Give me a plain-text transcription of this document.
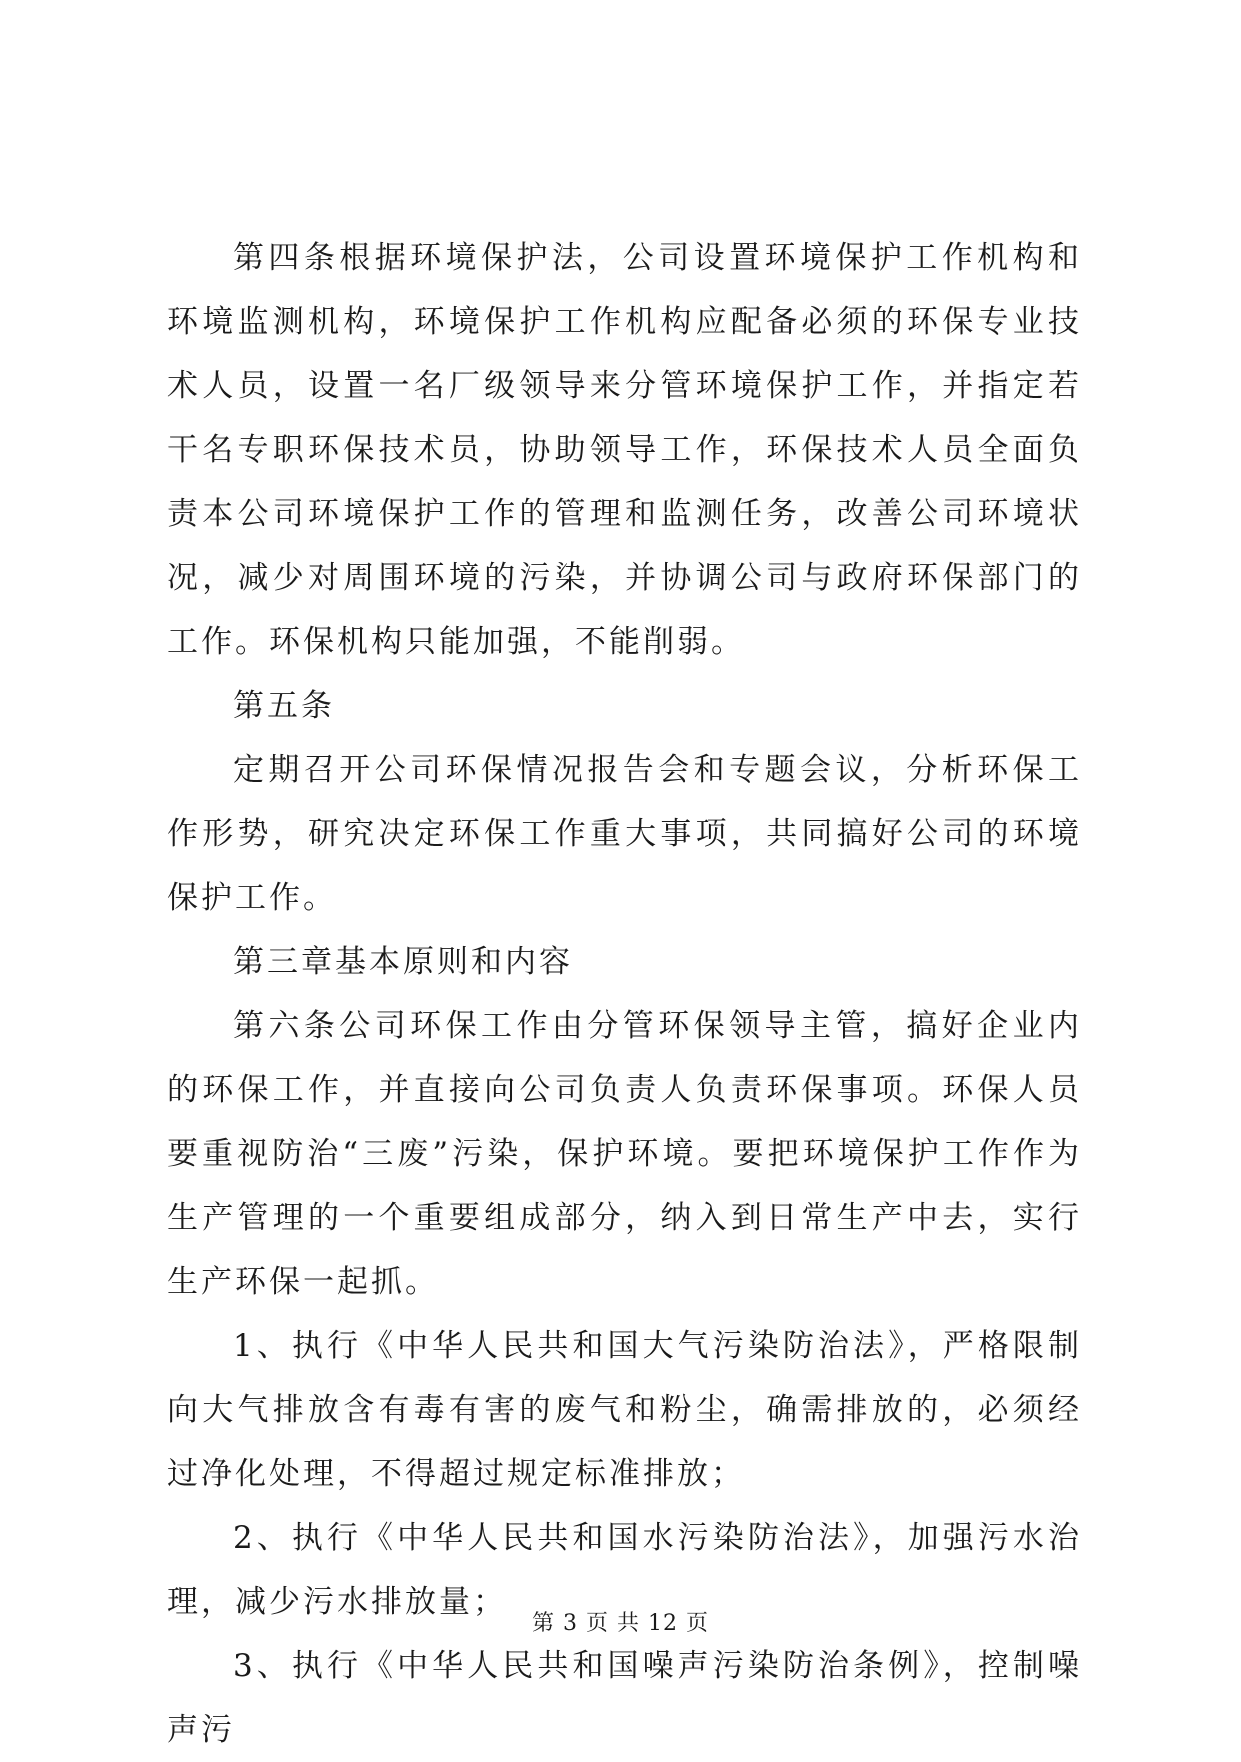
第四条根据环境保护法，公司设置环境保护工作机构和环境监测机构，环境保护工作机构应配备必须的环保专业技术人员，设置一名厂级领导来分管环境保护工作，并指定若干名专职环保技术员，协助领导工作，环保技术人员全面负责本公司环境保护工作的管理和监测任务，改善公司环境状况，减少对周围环境的污染，并协调公司与政府环保部门的工作。环保机构只能加强，不能削弱。

第五条

定期召开公司环保情况报告会和专题会议，分析环保工作形势，研究决定环保工作重大事项，共同搞好公司的环境保护工作。

第三章基本原则和内容

第六条公司环保工作由分管环保领导主管，搞好企业内的环保工作，并直接向公司负责人负责环保事项。环保人员要重视防治“三废”污染，保护环境。要把环境保护工作作为生产管理的一个重要组成部分，纳入到日常生产中去，实行生产环保一起抓。

1、执行《中华人民共和国大气污染防治法》，严格限制向大气排放含有毒有害的废气和粉尘，确需排放的，必须经过净化处理，不得超过规定标准排放；

2、执行《中华人民共和国水污染防治法》，加强污水治理，减少污水排放量；

3、执行《中华人民共和国噪声污染防治条例》，控制噪声污

第 3 页 共 12 页
